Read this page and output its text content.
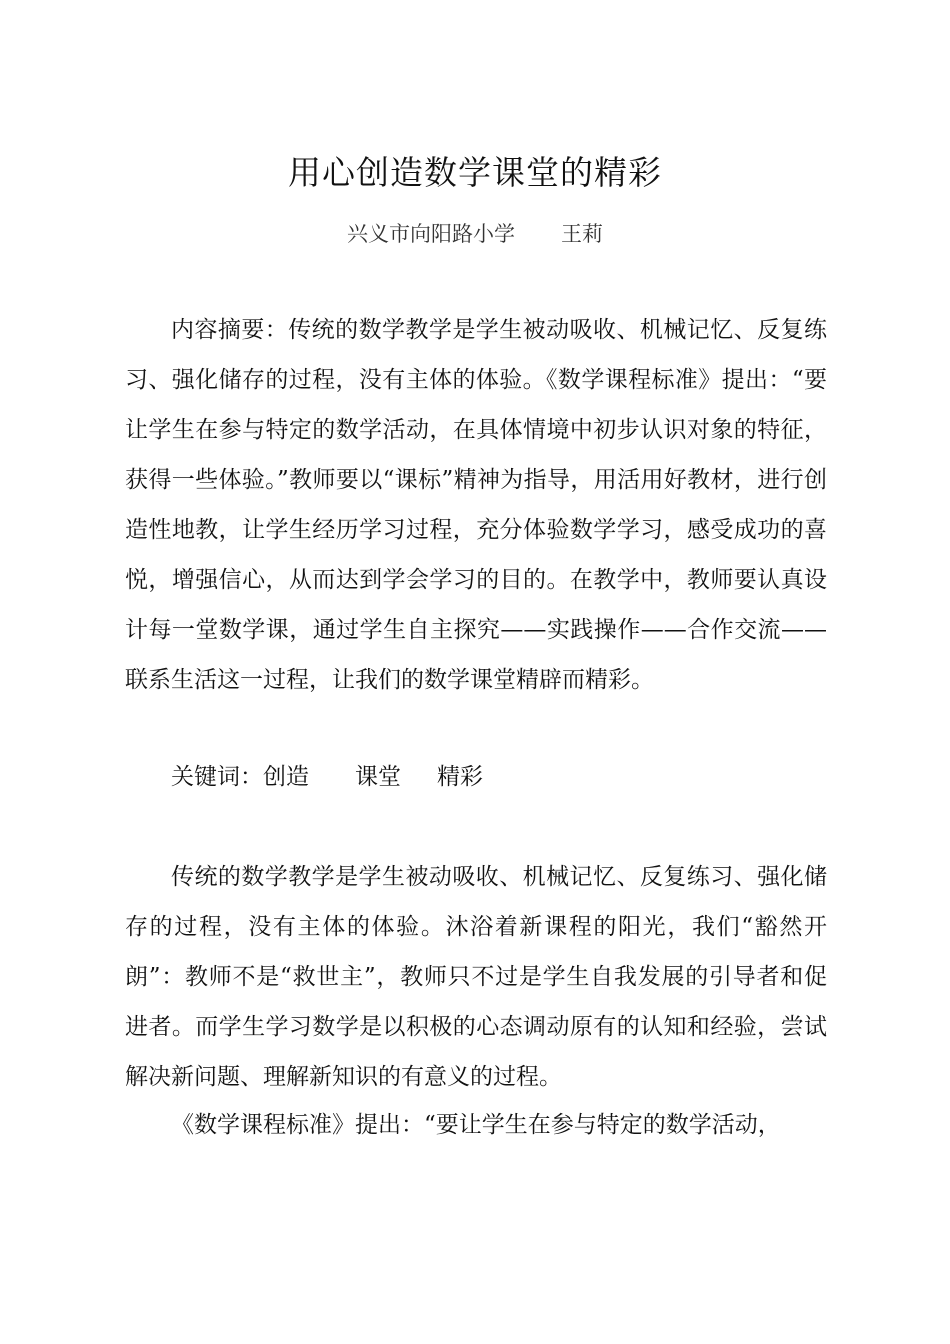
用心创造数学课堂的精彩
兴义市向阳路小学 王莉

内容摘要：传统的数学教学是学生被动吸收、机械记忆、反复练习、强化储存的过程，没有主体的体验。《数学课程标准》提出：“要让学生在参与特定的数学活动，在具体情境中初步认识对象的特征，获得一些体验。”教师要以“课标”精神为指导，用活用好教材，进行创造性地教，让学生经历学习过程，充分体验数学学习，感受成功的喜悦，增强信心，从而达到学会学习的目的。在教学中，教师要认真设计每一堂数学课，通过学生自主探究——实践操作——合作交流——联系生活这一过程，让我们的数学课堂精辟而精彩。

关键词：创造 课堂 精彩

传统的数学教学是学生被动吸收、机械记忆、反复练习、强化储存的过程，没有主体的体验。沐浴着新课程的阳光，我们“豁然开朗”：教师不是“救世主”，教师只不过是学生自我发展的引导者和促进者。而学生学习数学是以积极的心态调动原有的认知和经验，尝试解决新问题、理解新知识的有意义的过程。

《数学课程标准》提出：“要让学生在参与特定的数学活动，
